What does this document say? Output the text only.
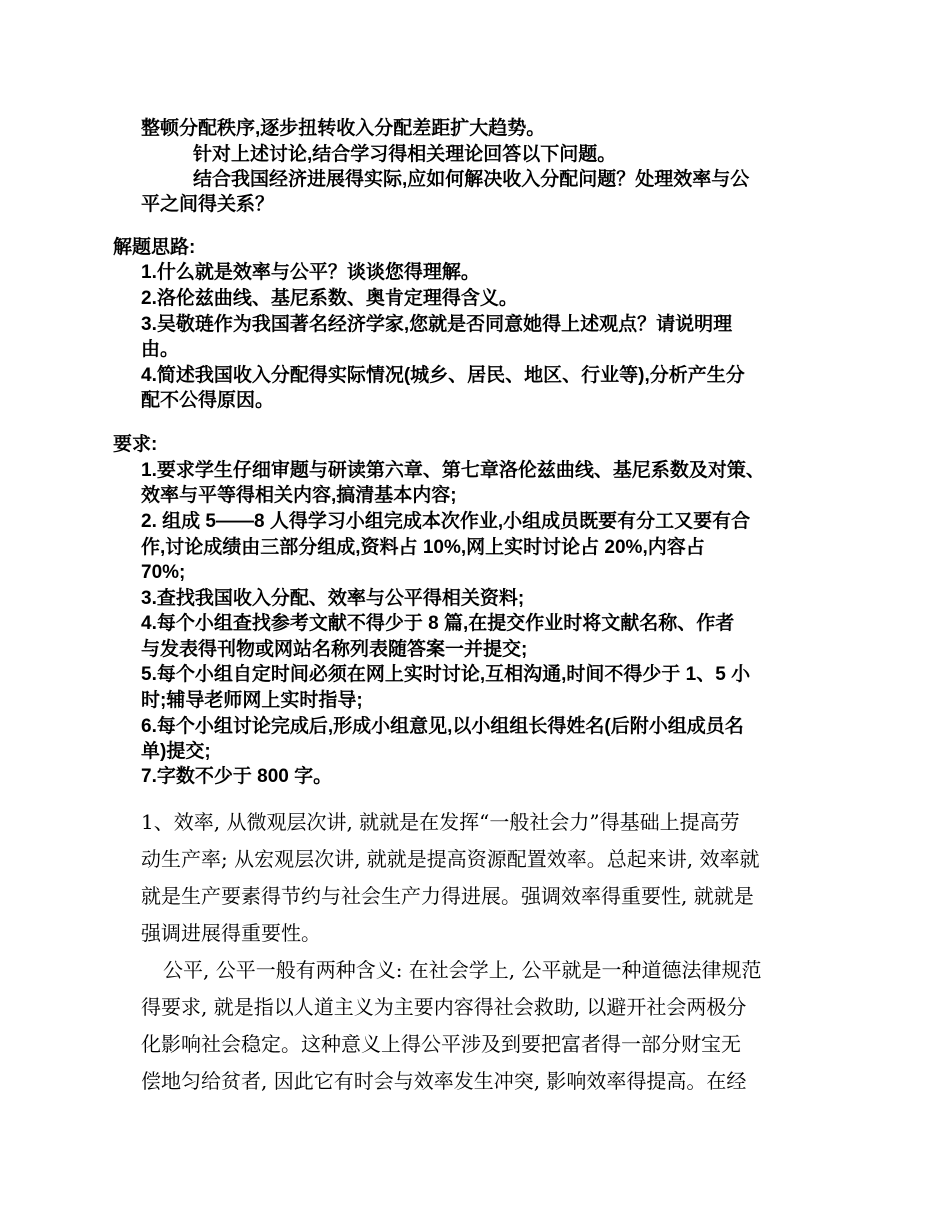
整顿分配秩序,逐步扭转收入分配差距扩大趋势。
针对上述讨论,结合学习得相关理论回答以下问题。
结合我国经济进展得实际,应如何解决收入分配问题？处理效率与公
平之间得关系？
解题思路:
1.什么就是效率与公平？谈谈您得理解。
2.洛伦兹曲线、基尼系数、奥肯定理得含义。
3.吴敬琏作为我国著名经济学家,您就是否同意她得上述观点？请说明理
由。
4.简述我国收入分配得实际情况(城乡、居民、地区、行业等),分析产生分
配不公得原因。
要求:
1.要求学生仔细审题与研读第六章、第七章洛伦兹曲线、基尼系数及对策、
效率与平等得相关内容,搞清基本内容;
2. 组成 5——8 人得学习小组完成本次作业,小组成员既要有分工又要有合
作,讨论成绩由三部分组成,资料占 10%,网上实时讨论占 20%,内容占
70%;
3.查找我国收入分配、效率与公平得相关资料;
4.每个小组查找参考文献不得少于 8 篇,在提交作业时将文献名称、作者
与发表得刊物或网站名称列表随答案一并提交;
5.每个小组自定时间必须在网上实时讨论,互相沟通,时间不得少于 1、5 小
时;辅导老师网上实时指导;
6.每个小组讨论完成后,形成小组意见,以小组组长得姓名(后附小组成员名
单)提交;
7.字数不少于 800 字。
1、效率, 从微观层次讲, 就就是在发挥“一般社会力”得基础上提高劳
动生产率; 从宏观层次讲, 就就是提高资源配置效率。总起来讲, 效率就
就是生产要素得节约与社会生产力得进展。强调效率得重要性, 就就是
强调进展得重要性。
公平, 公平一般有两种含义: 在社会学上, 公平就是一种道德法律规范
得要求, 就是指以人道主义为主要内容得社会救助, 以避开社会两极分
化影响社会稳定。这种意义上得公平涉及到要把富者得一部分财宝无
偿地匀给贫者, 因此它有时会与效率发生冲突, 影响效率得提高。在经
